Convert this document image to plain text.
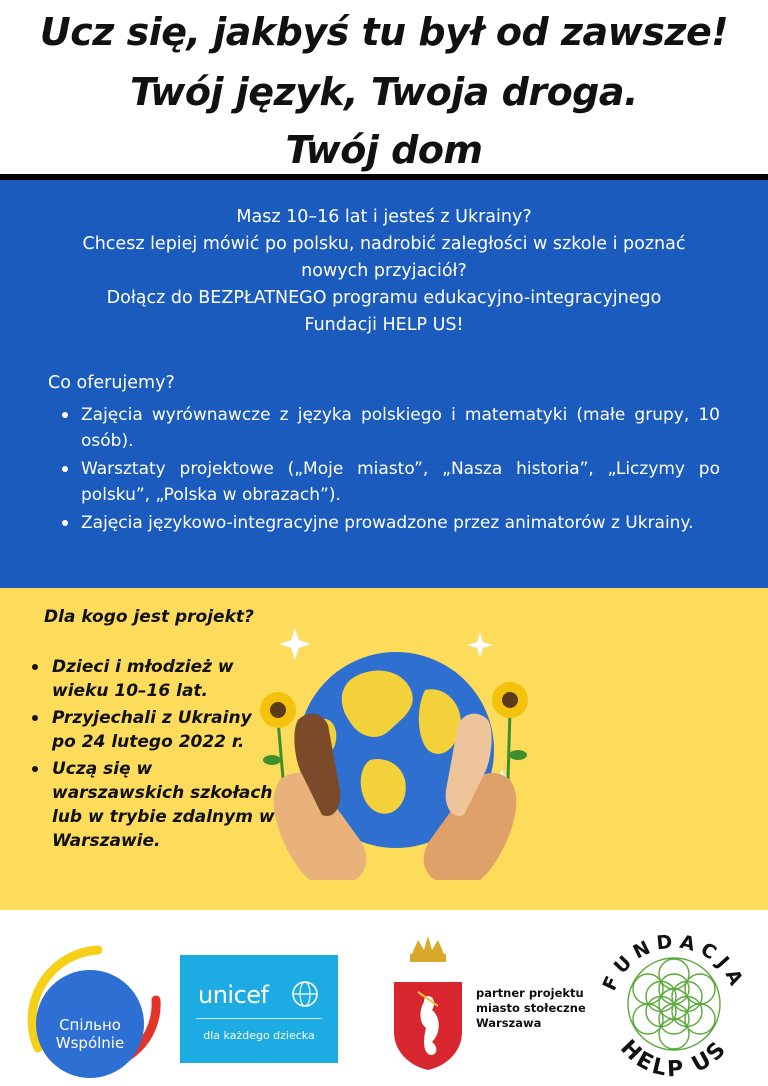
Ucz się, jakbyś tu był od zawsze!
Twój język, Twoja droga.
Twój dom
Masz 10–16 lat i jesteś z Ukrainy?
Chcesz lepiej mówić po polsku, nadrobić zaległości w szkole i poznać
nowych przyjaciół?
Dołącz do BEZPŁATNEGO programu edukacyjno-integracyjnego
Fundacji HELP US!
Co oferujemy?
Zajęcia wyrównawcze z języka polskiego i matematyki (małe grupy, 10 osób).
Warsztaty projektowe („Moje miasto”, „Nasza historia”, „Liczymy po polsku”, „Polska w obrazach”).
Zajęcia językowo-integracyjne prowadzone przez animatorów z Ukrainy.
Dla kogo jest projekt?
Dzieci i młodzież w wieku 10–16 lat.
Przyjechali z Ukrainy po 24 lutego 2022 r.
Uczą się w warszawskich szkołach lub w trybie zdalnym w Warszawie.
Спільно
Wspólnie
unicef
dla każdego dziecka
partner projektu
miasto stołeczne
Warszawa
FUNDACJA
HELP US
